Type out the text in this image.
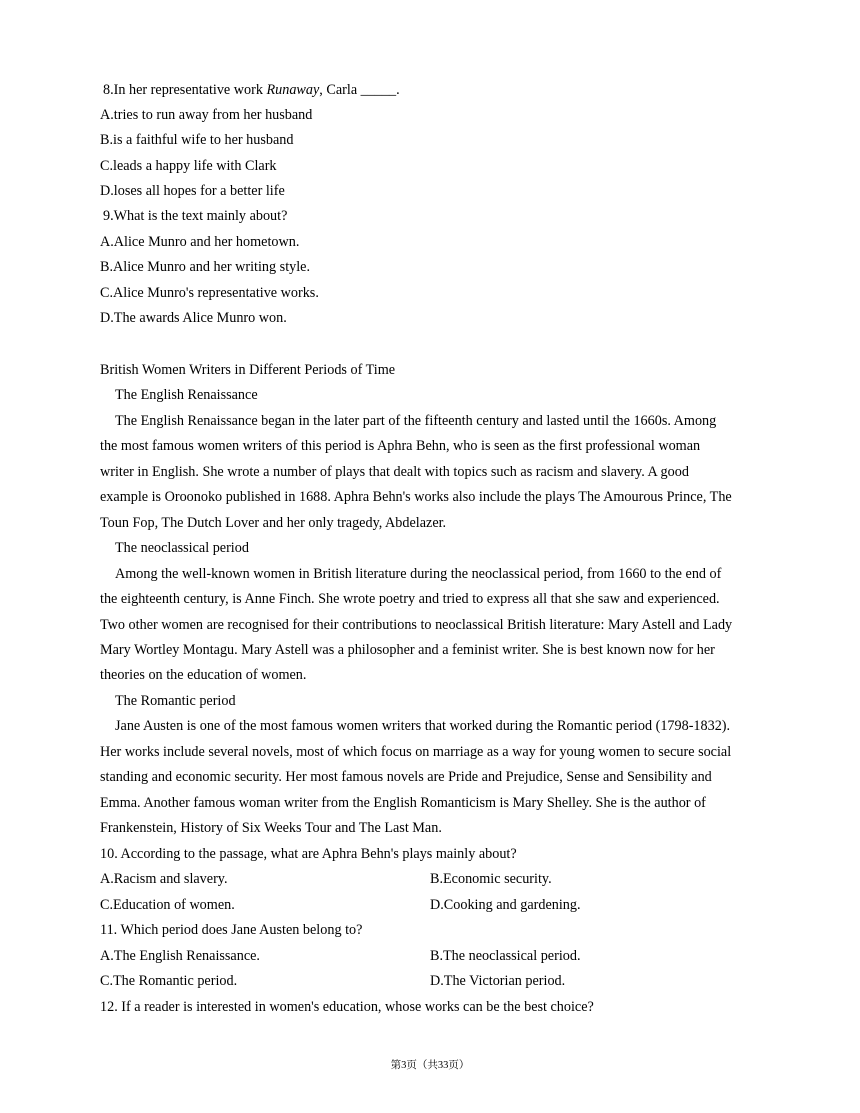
8.In her representative work Runaway, Carla _____.
A.tries to run away from her husband
B.is a faithful wife to her husband
C.leads a happy life with Clark
D.loses all hopes for a better life
9.What is the text mainly about?
A.Alice Munro and her hometown.
B.Alice Munro and her writing style.
C.Alice Munro's representative works.
D.The awards Alice Munro won.
British Women Writers in Different Periods of Time
The English Renaissance
The English Renaissance began in the later part of the fifteenth century and lasted until the 1660s. Among
the most famous women writers of this period is Aphra Behn, who is seen as the first professional woman
writer in English. She wrote a number of plays that dealt with topics such as racism and slavery. A good
example is Oroonoko published in 1688. Aphra Behn's works also include the plays The Amourous Prince, The
Toun Fop, The Dutch Lover and her only tragedy, Abdelazer.
The neoclassical period
Among the well-known women in British literature during the neoclassical period, from 1660 to the end of
the eighteenth century, is Anne Finch. She wrote poetry and tried to express all that she saw and experienced.
Two other women are recognised for their contributions to neoclassical British literature: Mary Astell and Lady
Mary Wortley Montagu. Mary Astell was a philosopher and a feminist writer. She is best known now for her
theories on the education of women.
The Romantic period
Jane Austen is one of the most famous women writers that worked during the Romantic period (1798-1832).
Her works include several novels, most of which focus on marriage as a way for young women to secure social
standing and economic security. Her most famous novels are Pride and Prejudice, Sense and Sensibility and
Emma. Another famous woman writer from the English Romanticism is Mary Shelley. She is the author of
Frankenstein, History of Six Weeks Tour and The Last Man.
10. According to the passage, what are Aphra Behn's plays mainly about?
A.Racism and slavery.	B.Economic security.
C.Education of women.	D.Cooking and gardening.
11. Which period does Jane Austen belong to?
A.The English Renaissance.	B.The neoclassical period.
C.The Romantic period.	D.The Victorian period.
12. If a reader is interested in women's education, whose works can be the best choice?
第3页（共33页）
